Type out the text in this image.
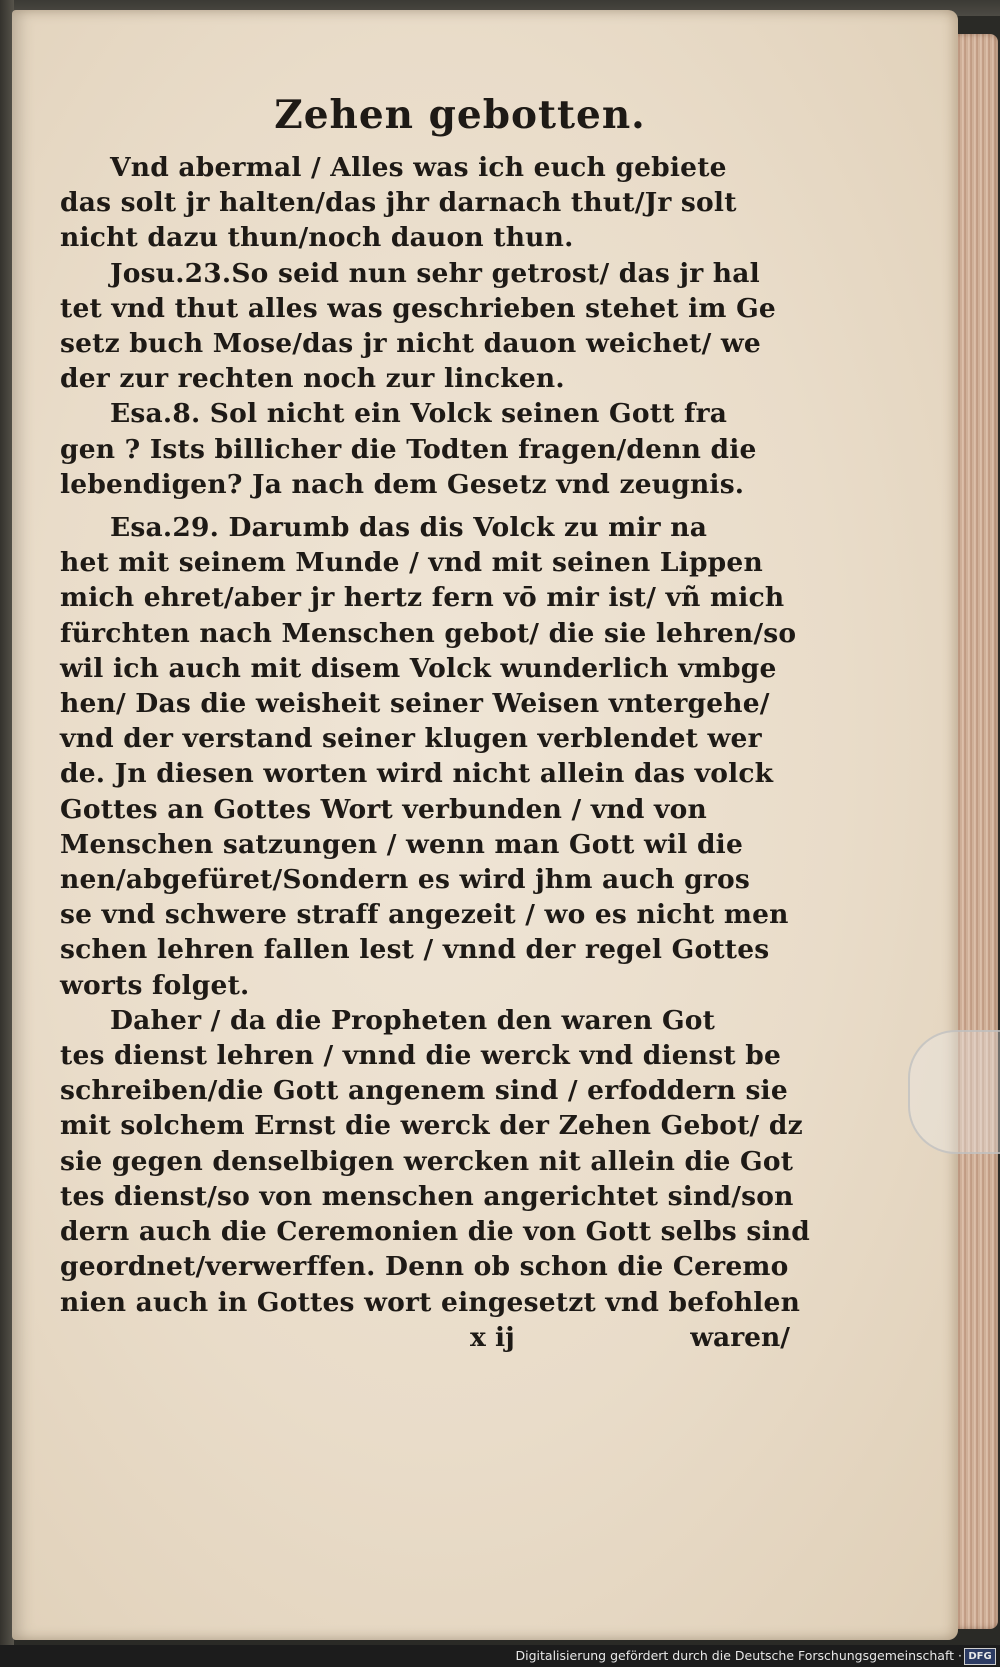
Zehen gebotten.
Vnd abermal / Alles was ich euch gebiete
das solt jr halten/das jhr darnach thut/Jr solt
nicht dazu thun/noch dauon thun.
Josu.23.So seid nun sehr getrost/ das jr hal
tet vnd thut alles was geschrieben stehet im Ge
setz buch Mose/das jr nicht dauon weichet/ we
der zur rechten noch zur lincken.
Esa.8. Sol nicht ein Volck seinen Gott fra
gen ? Ists billicher die Todten fragen/denn die
lebendigen? Ja nach dem Gesetz vnd zeugnis.
Esa.29. Darumb das dis Volck zu mir na
het mit seinem Munde / vnd mit seinen Lippen
mich ehret/aber jr hertz fern vō mir ist/ vñ mich
fürchten nach Menschen gebot/ die sie lehren/so
wil ich auch mit disem Volck wunderlich vmbge
hen/ Das die weisheit seiner Weisen vntergehe/
vnd der verstand seiner klugen verblendet wer
de. Jn diesen worten wird nicht allein das volck
Gottes an Gottes Wort verbunden / vnd von
Menschen satzungen / wenn man Gott wil die
nen/abgefüret/Sondern es wird jhm auch gros
se vnd schwere straff angezeit / wo es nicht men
schen lehren fallen lest / vnnd der regel Gottes
worts folget.
Daher / da die Propheten den waren Got
tes dienst lehren / vnnd die werck vnd dienst be
schreiben/die Gott angenem sind / erfoddern sie
mit solchem Ernst die werck der Zehen Gebot/ dz
sie gegen denselbigen wercken nit allein die Got
tes dienst/so von menschen angerichtet sind/son
dern auch die Ceremonien die von Gott selbs sind
geordnet/verwerffen. Denn ob schon die Ceremo
nien auch in Gottes wort eingesetzt vnd befohlen
x ij	waren/
Digitalisierung gefördert durch die Deutsche Forschungsgemeinschaft · DFG
